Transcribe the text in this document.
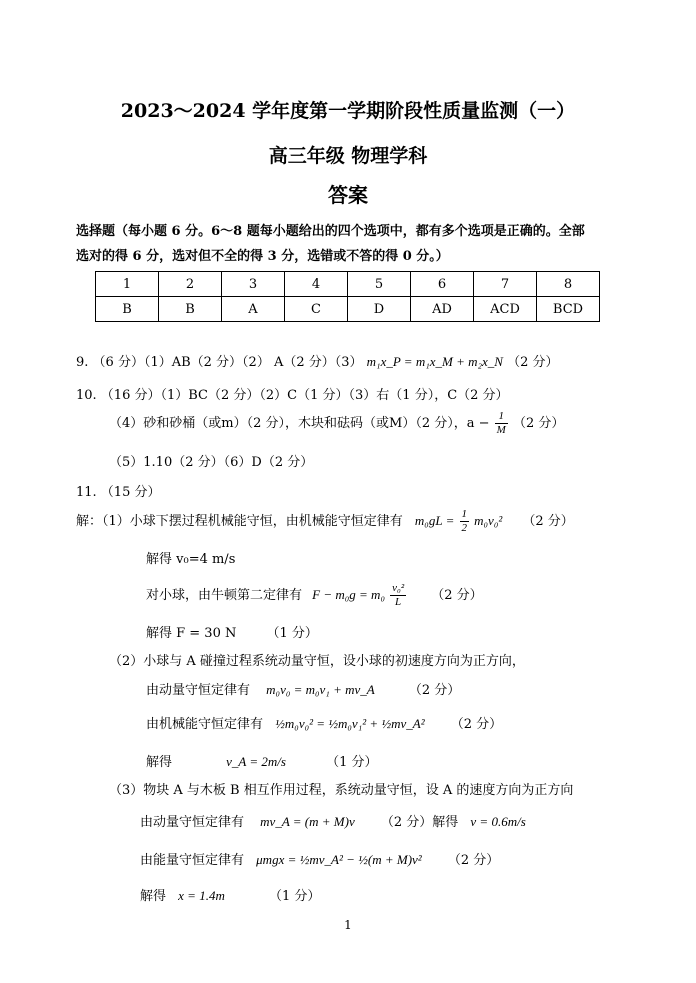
2023～2024 学年度第一学期阶段性质量监测（一）
高三年级 物理学科
答案
选择题（每小题 6 分。6～8 题每小题给出的四个选项中，都有多个选项是正确的。全部
选对的得 6 分，选对但不全的得 3 分，选错或不答的得 0 分。）
1	2	3	4	5	6	7	8
B	B	A	C	D	AD	ACD	BCD
9. （6 分）（1）AB（2 分）（2） A（2 分）（3） m₁x_P = m₁x_M + m₂x_N （2 分）
10. （16 分）（1）BC（2 分）（2）C（1 分）（3）右（1 分），C（2 分）
（4）砂和砂桶（或m）（2 分），木块和砝码（或M）（2 分），$a - \frac{1}{M} (2$ 分）
（5）1.10（2 分）（6）D（2 分）
11. （15 分）
解：（1）小球下摆过程机械能守恒，由机械能守恒定律有 $m_0gL = \frac{1}{2} m_0v_0^2$ （2 分）
解得 v₀=4 m/s
对小球，由牛顿第二定律有 $F - m_0g = m_0 \frac{\text{v₀²}}{L} (2$ 分）
解得 F = 30 N （1 分）
（2）小球与 A 碰撞过程系统动量守恒，设小球的初速度方向为正方向，
由动量守恒定律有 m₀v₀ = m₀v₁ + mv_A	（2 分）
由机械能守恒定律有 ½m₀v₀² = ½m₀v₁² + ½mv_A² （2 分）
解得	v_A = 2m/s	（1 分）
（3）物块 A 与木板 B 相互作用过程，系统动量守恒，设 A 的速度方向为正方向
由动量守恒定律有 mv_A = (m + M)v （2 分）解得 v = 0.6m/s
由能量守恒定律有 μmgx = ½mv_A² − ½(m + M)v² （2 分）
解得 x = 1.4m	（1 分）
1
